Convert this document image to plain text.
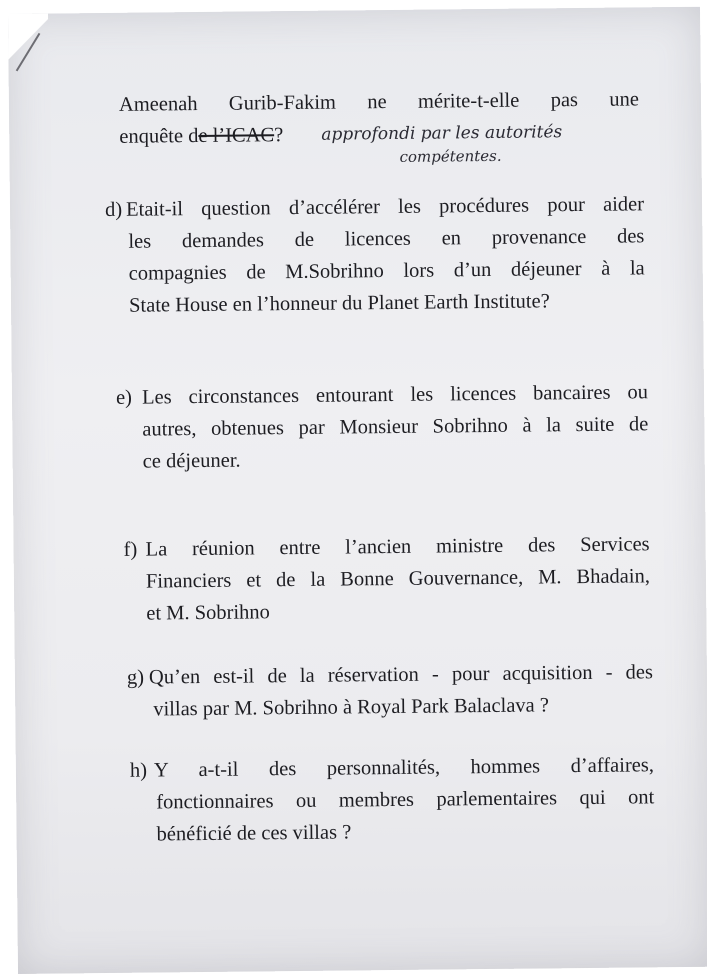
Ameenah Gurib-Fakim ne mérite-t-elle pas une
enquête de l’ICAC?	approfondi par les autorités
compétentes.
d) Etait-il question d’accélérer les procédures pour aider
les demandes de licences en provenance des
compagnies de M.Sobrihno lors d’un déjeuner à la
State House en l’honneur du Planet Earth Institute?
e) Les circonstances entourant les licences bancaires ou
autres, obtenues par Monsieur Sobrihno à la suite de
ce déjeuner.
f) La réunion entre l’ancien ministre des Services
Financiers et de la Bonne Gouvernance, M. Bhadain,
et M. Sobrihno
g) Qu’en est-il de la réservation - pour acquisition - des
villas par M. Sobrihno à Royal Park Balaclava ?
h) Y a-t-il des personnalités, hommes d’affaires,
fonctionnaires ou membres parlementaires qui ont
bénéficié de ces villas ?
